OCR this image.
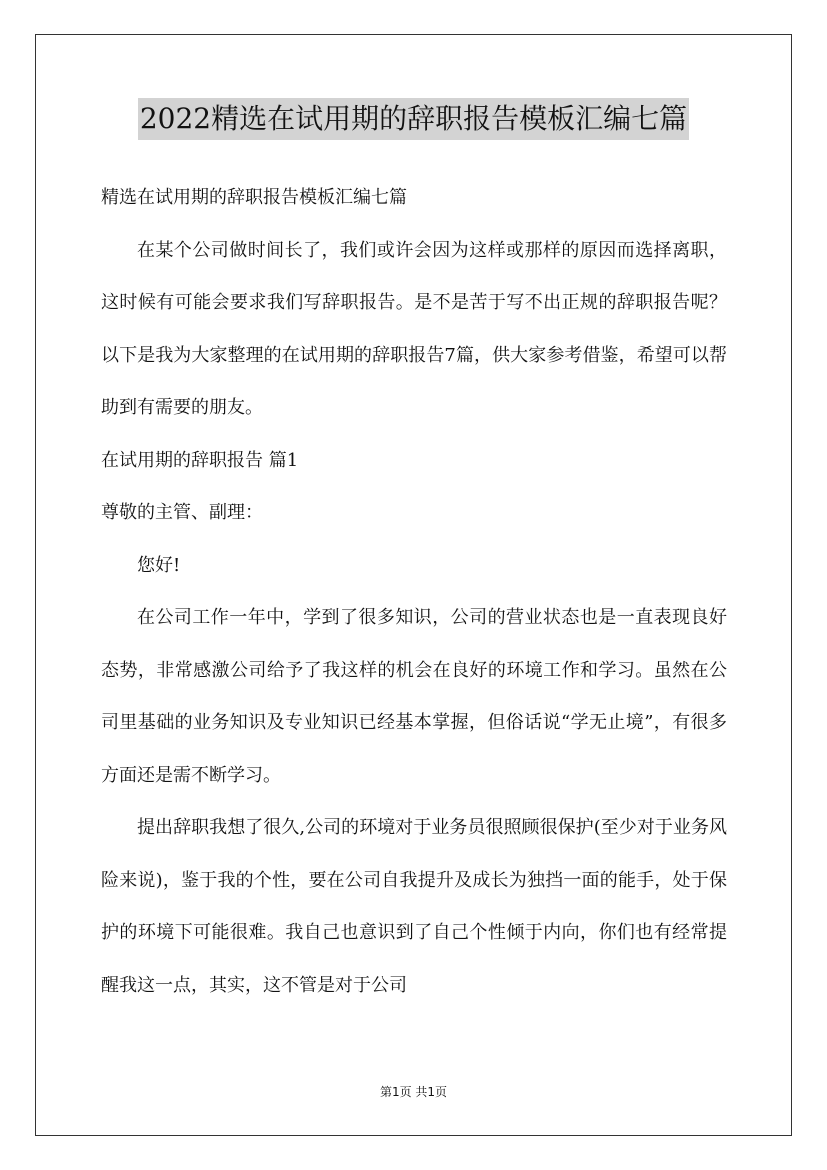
2022精选在试用期的辞职报告模板汇编七篇

精选在试用期的辞职报告模板汇编七篇

在某个公司做时间长了，我们或许会因为这样或那样的原因而选择离职，这时候有可能会要求我们写辞职报告。是不是苦于写不出正规的辞职报告呢？以下是我为大家整理的在试用期的辞职报告7篇，供大家参考借鉴，希望可以帮助到有需要的朋友。

在试用期的辞职报告 篇1

尊敬的主管、副理：

您好!

在公司工作一年中，学到了很多知识，公司的营业状态也是一直表现良好态势，非常感激公司给予了我这样的机会在良好的环境工作和学习。虽然在公司里基础的业务知识及专业知识已经基本掌握，但俗话说“学无止境”，有很多方面还是需不断学习。

提出辞职我想了很久,公司的环境对于业务员很照顾很保护(至少对于业务风险来说)，鉴于我的个性，要在公司自我提升及成长为独挡一面的能手，处于保护的环境下可能很难。我自己也意识到了自己个性倾于内向，你们也有经常提醒我这一点，其实，这不管是对于公司

第1页 共1页
